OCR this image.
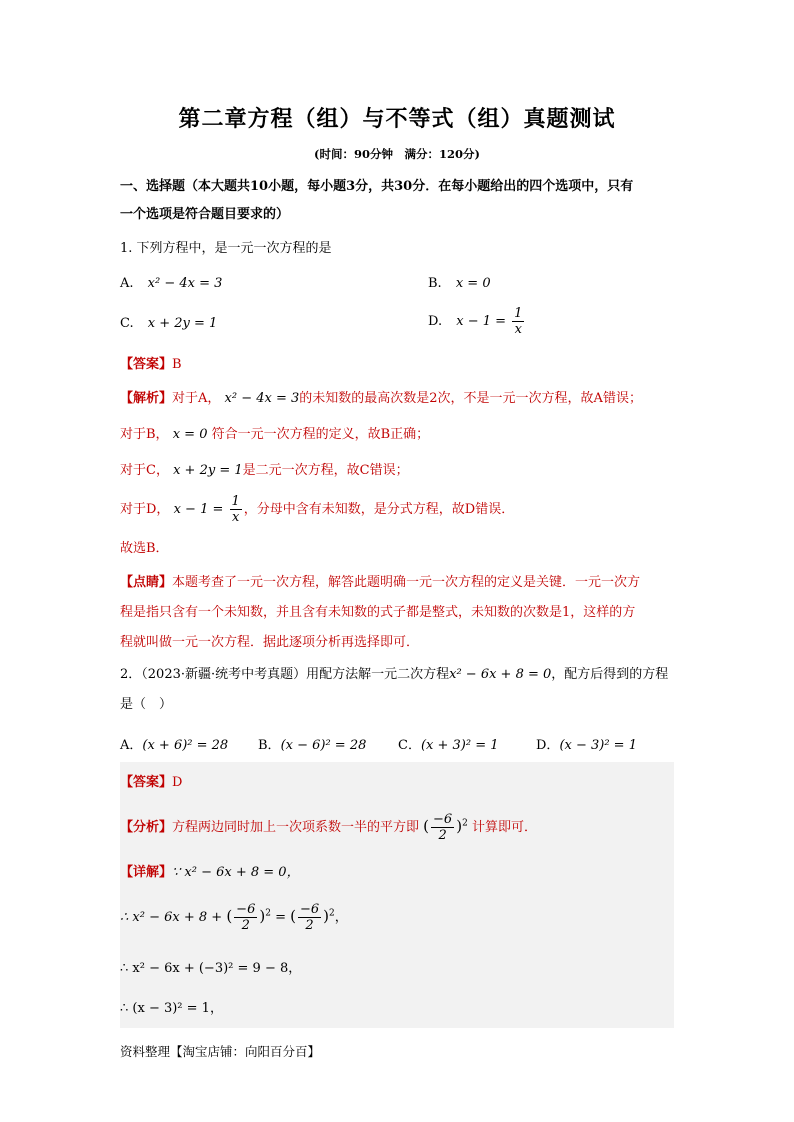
第二章方程（组）与不等式（组）真题测试
(时间：90分钟　满分：120分)
一、选择题（本大题共10小题，每小题3分，共30分．在每小题给出的四个选项中，只有
一个选项是符合题目要求的）
1. 下列方程中，是一元一次方程的是
A. x² − 4x = 3	B. x = 0
C. x + 2y = 1	D. $x - 1 = \frac{1}{x}$
【答案】B
【解析】对于A， x² − 4x = 3的未知数的最高次数是2次，不是一元一次方程，故A错误；
对于B， x = 0 符合一元一次方程的定义，故B正确；
对于C， x + 2y = 1是二元一次方程，故C错误；
对于D， $x - 1 = \frac{1}{x}$ ，分母中含有未知数，是分式方程，故D错误．
故选B．
【点睛】本题考查了一元一次方程，解答此题明确一元一次方程的定义是关键．一元一次方
程是指只含有一个未知数，并且含有未知数的式子都是整式，未知数的次数是1，这样的方
程就叫做一元一次方程．据此逐项分析再选择即可．
2．（2023·新疆·统考中考真题）用配方法解一元二次方程x² − 6x + 8 = 0，配方后得到的方程
是（　）
A．(x + 6)² = 28 B．(x − 6)² = 28 C．(x + 3)² = 1	D．(x − 3)² = 1
【答案】D
【分析】方程两边同时加上一次项系数一半的平方即 ( $\frac{-6}{2} )^2$ 计算即可．
【详解】∵ x² − 6x + 8 = 0，
∴ x² − 6x + 8 + ( $\frac{-6}{2} )^2$ = ( $\frac{-6}{2} )^2$，
∴ x² − 6x + (−3)² = 9 − 8，
∴ (x − 3)² = 1，
资料整理【淘宝店铺：向阳百分百】
